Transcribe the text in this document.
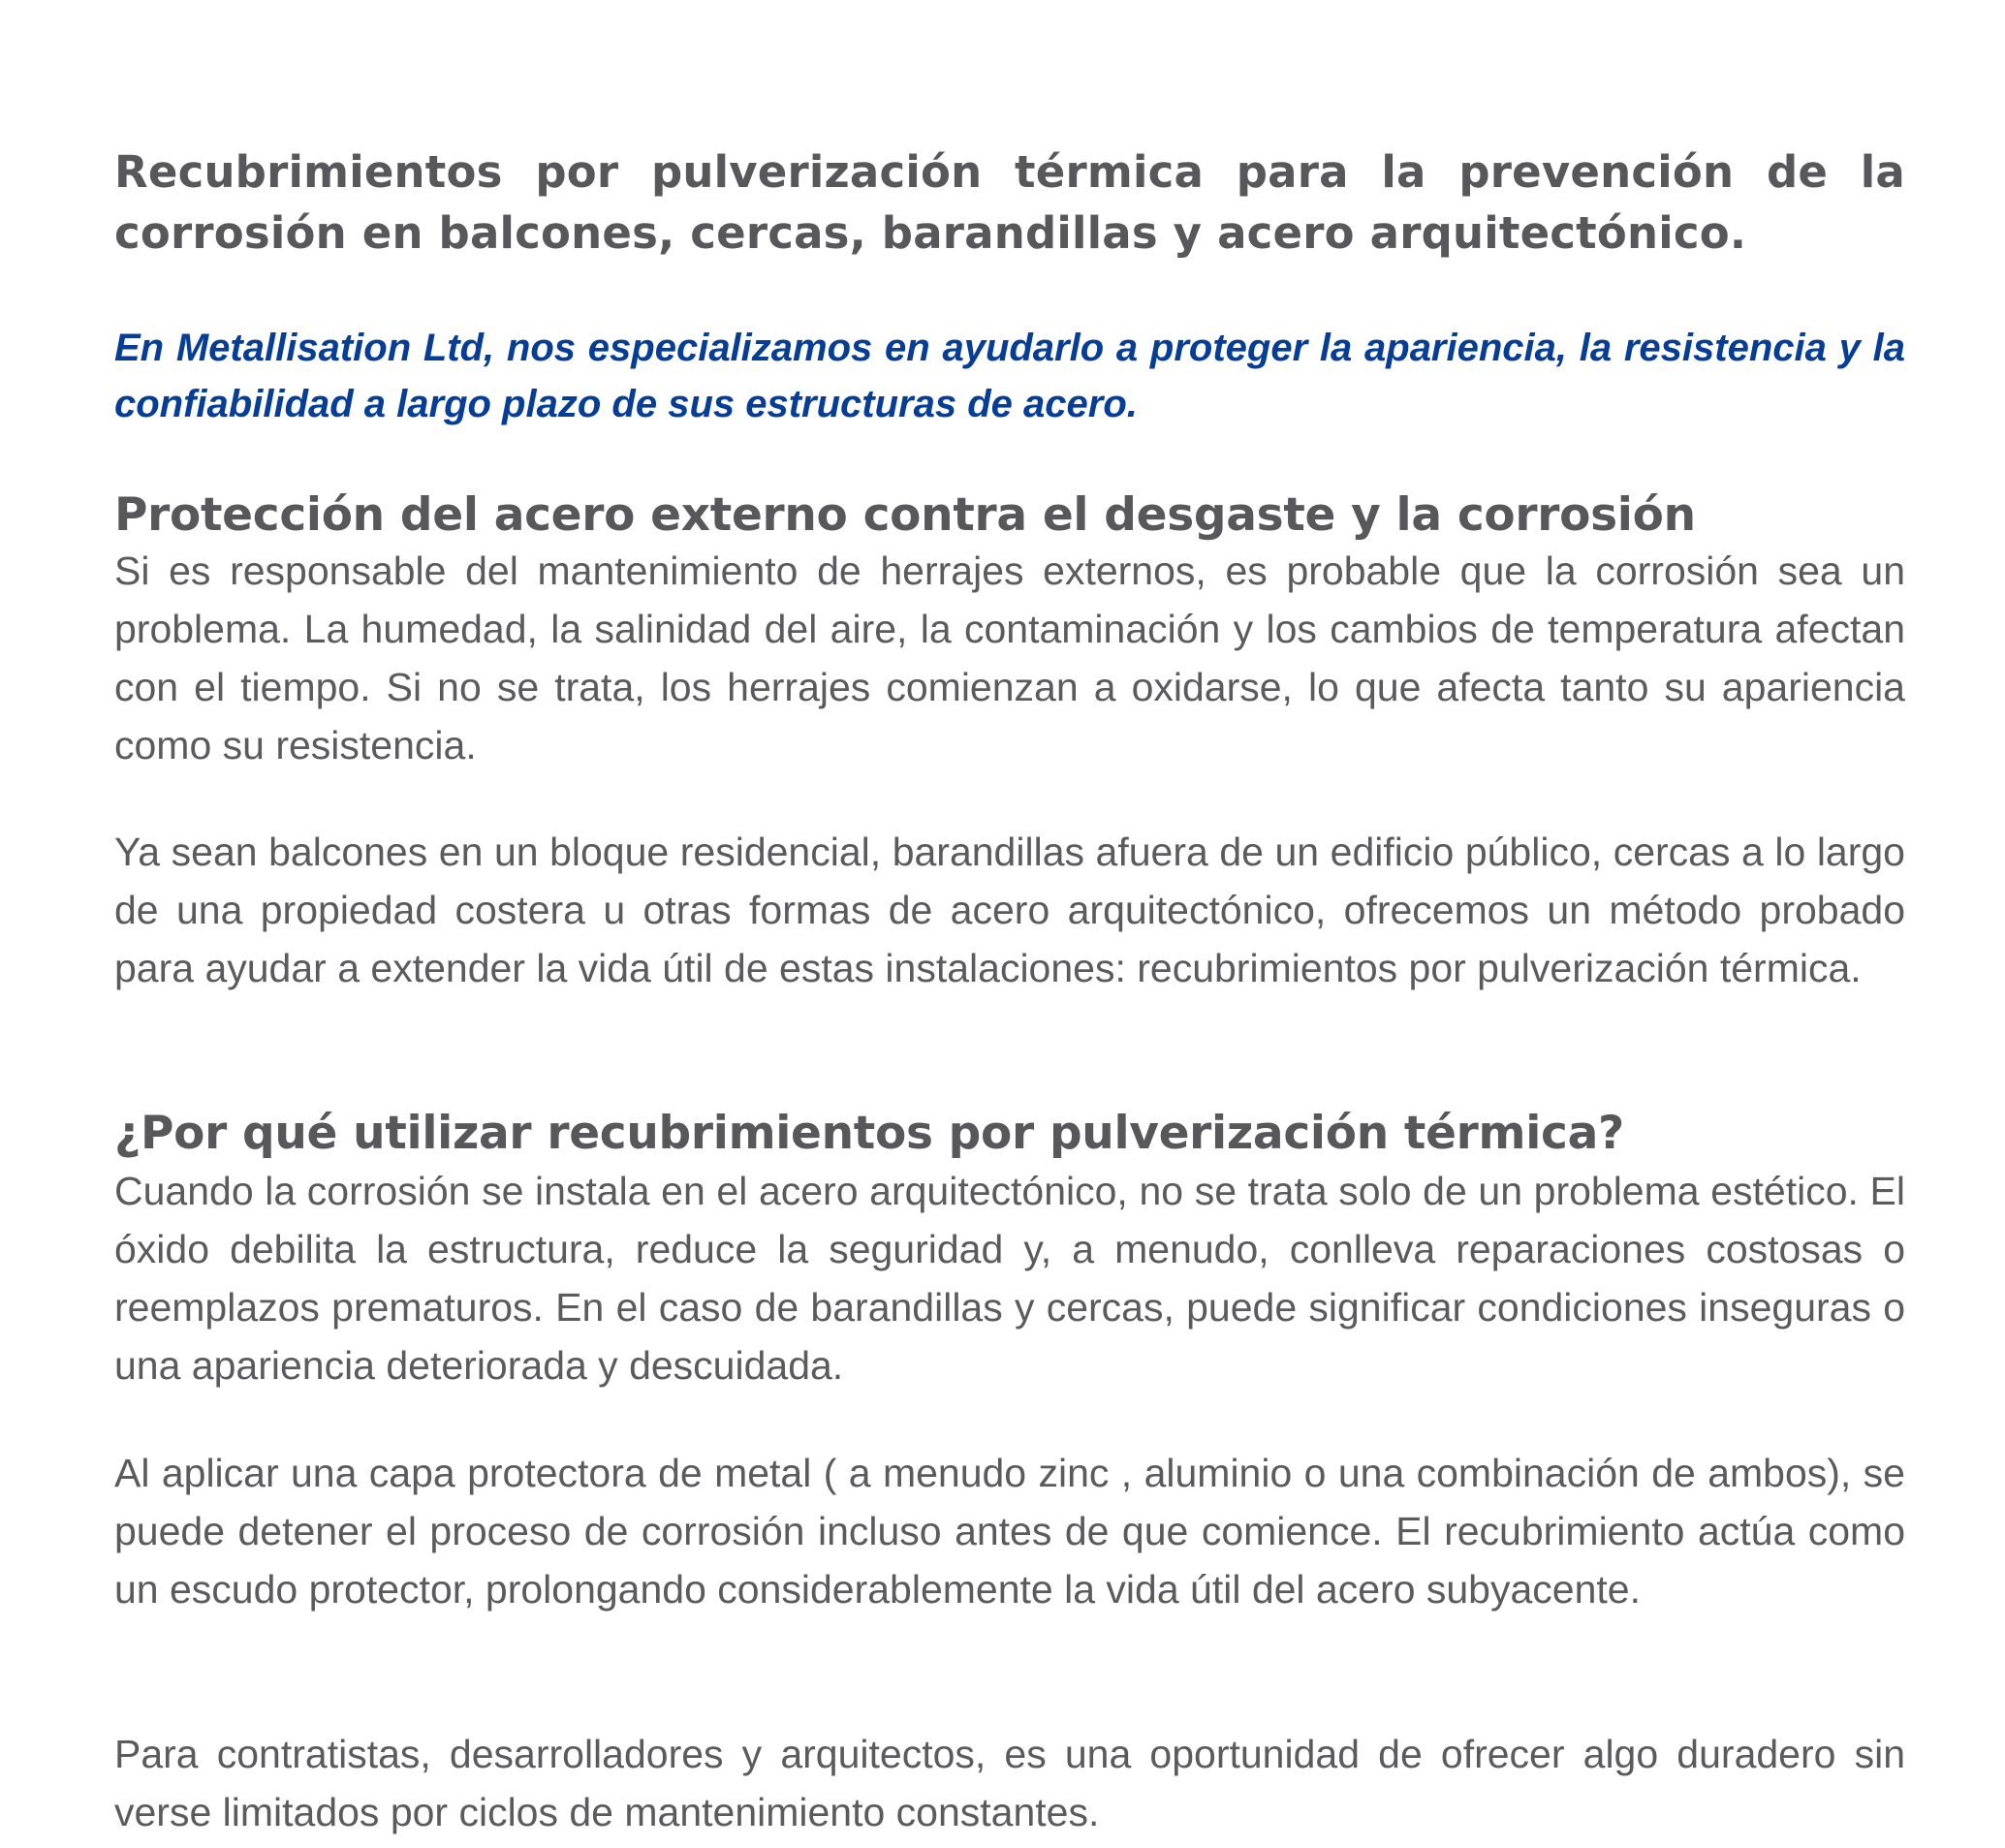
Recubrimientos por pulverización térmica para la prevención de la corrosión en balcones, cercas, barandillas y acero arquitectónico.

En Metallisation Ltd, nos especializamos en ayudarlo a proteger la apariencia, la resistencia y la confiabilidad a largo plazo de sus estructuras de acero.

Protección del acero externo contra el desgaste y la corrosión

Si es responsable del mantenimiento de herrajes externos, es probable que la corrosión sea un problema. La humedad, la salinidad del aire, la contaminación y los cambios de temperatura afectan con el tiempo. Si no se trata, los herrajes comienzan a oxidarse, lo que afecta tanto su apariencia como su resistencia.

Ya sean balcones en un bloque residencial, barandillas afuera de un edificio público, cercas a lo largo de una propiedad costera u otras formas de acero arquitectónico, ofrecemos un método probado para ayudar a extender la vida útil de estas instalaciones: recubrimientos por pulverización térmica.

¿Por qué utilizar recubrimientos por pulverización térmica?

Cuando la corrosión se instala en el acero arquitectónico, no se trata solo de un problema estético. El óxido debilita la estructura, reduce la seguridad y, a menudo, conlleva reparaciones costosas o reemplazos prematuros. En el caso de barandillas y cercas, puede significar condiciones inseguras o una apariencia deteriorada y descuidada.

Al aplicar una capa protectora de metal ( a menudo zinc , aluminio o una combinación de ambos), se puede detener el proceso de corrosión incluso antes de que comience. El recubrimiento actúa como un escudo protector, prolongando considerablemente la vida útil del acero subyacente.

Para contratistas, desarrolladores y arquitectos, es una oportunidad de ofrecer algo duradero sin verse limitados por ciclos de mantenimiento constantes.
